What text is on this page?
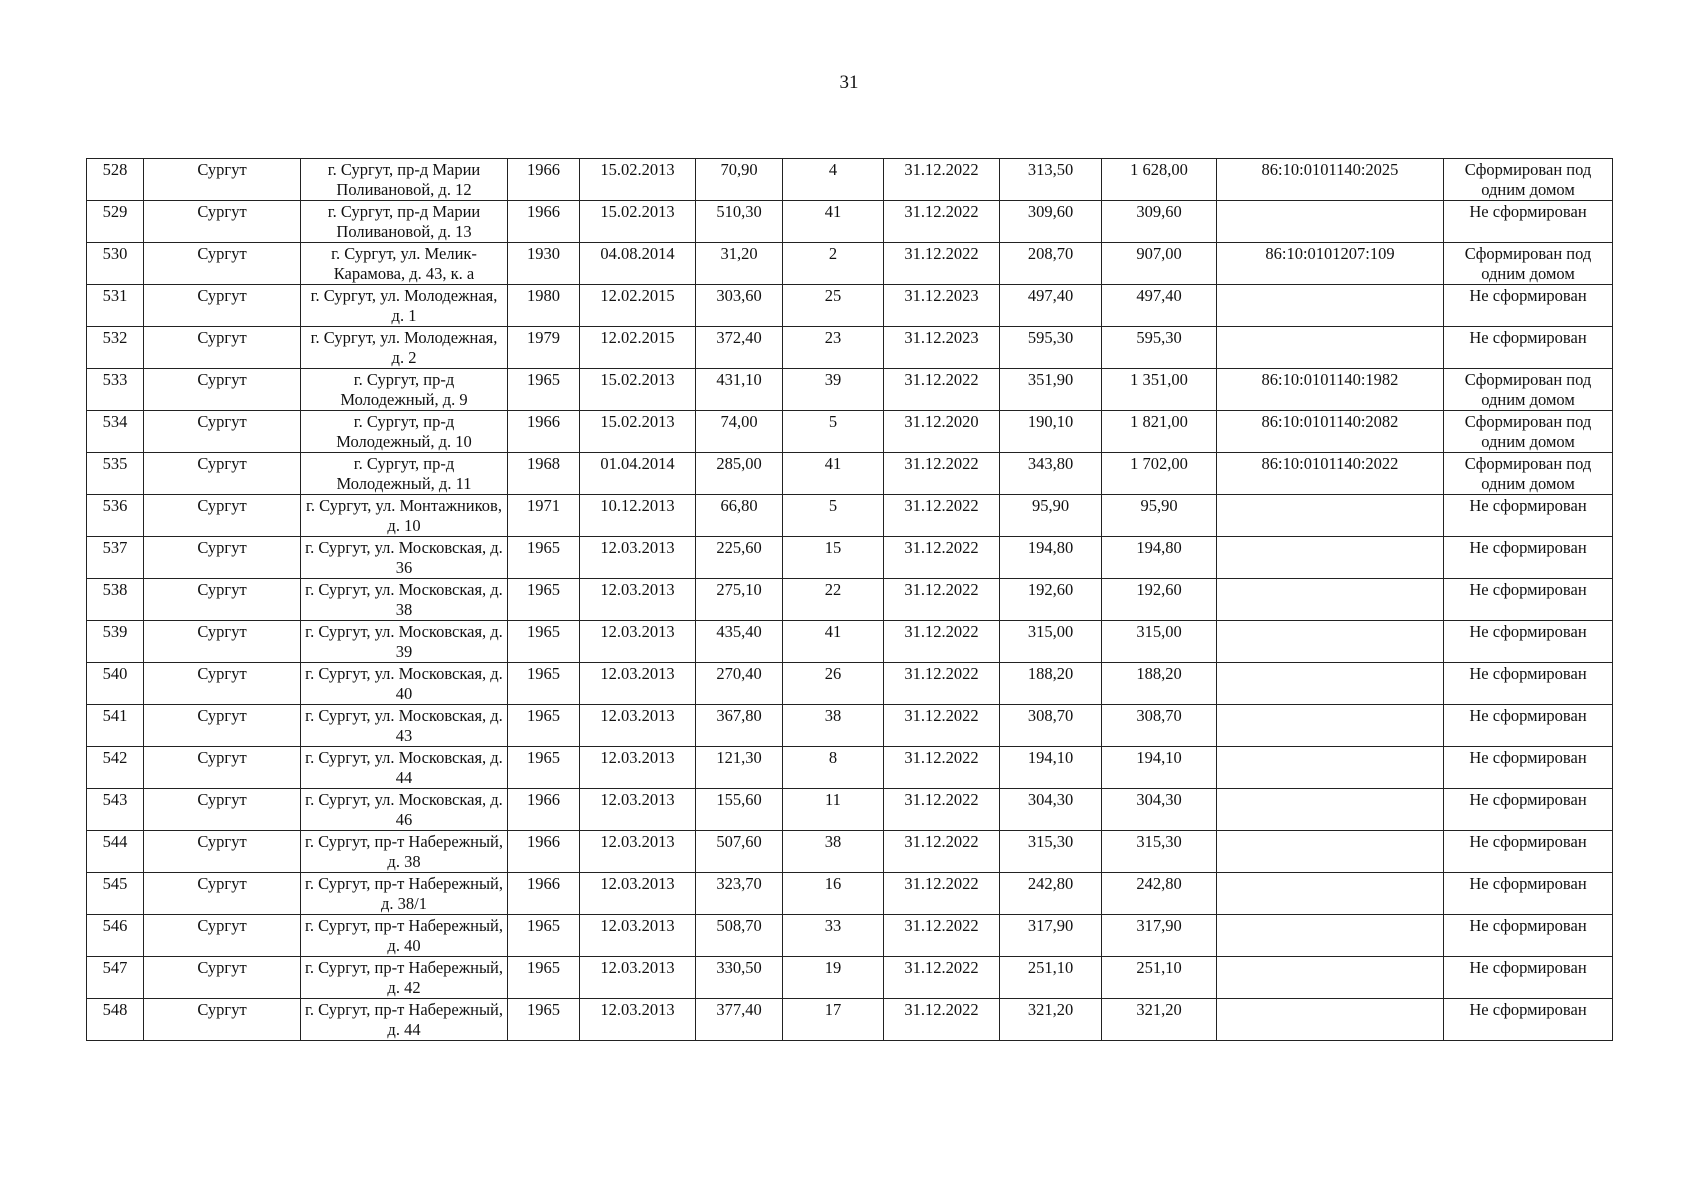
31
528	Сургут	г. Сургут, пр-д Марии Поливановой, д. 12	1966	15.02.2013	70,90	4	31.12.2022	313,50	1 628,00	86:10:0101140:2025	Сформирован под одним домом
529	Сургут	г. Сургут, пр-д Марии Поливановой, д. 13	1966	15.02.2013	510,30	41	31.12.2022	309,60	309,60		Не сформирован
530	Сургут	г. Сургут, ул. Мелик-Карамова, д. 43, к. а	1930	04.08.2014	31,20	2	31.12.2022	208,70	907,00	86:10:0101207:109	Сформирован под одним домом
531	Сургут	г. Сургут, ул. Молодежная, д. 1	1980	12.02.2015	303,60	25	31.12.2023	497,40	497,40		Не сформирован
532	Сургут	г. Сургут, ул. Молодежная, д. 2	1979	12.02.2015	372,40	23	31.12.2023	595,30	595,30		Не сформирован
533	Сургут	г. Сургут, пр-д Молодежный, д. 9	1965	15.02.2013	431,10	39	31.12.2022	351,90	1 351,00	86:10:0101140:1982	Сформирован под одним домом
534	Сургут	г. Сургут, пр-д Молодежный, д. 10	1966	15.02.2013	74,00	5	31.12.2020	190,10	1 821,00	86:10:0101140:2082	Сформирован под одним домом
535	Сургут	г. Сургут, пр-д Молодежный, д. 11	1968	01.04.2014	285,00	41	31.12.2022	343,80	1 702,00	86:10:0101140:2022	Сформирован под одним домом
536	Сургут	г. Сургут, ул. Монтажников, д. 10	1971	10.12.2013	66,80	5	31.12.2022	95,90	95,90		Не сформирован
537	Сургут	г. Сургут, ул. Московская, д. 36	1965	12.03.2013	225,60	15	31.12.2022	194,80	194,80		Не сформирован
538	Сургут	г. Сургут, ул. Московская, д. 38	1965	12.03.2013	275,10	22	31.12.2022	192,60	192,60		Не сформирован
539	Сургут	г. Сургут, ул. Московская, д. 39	1965	12.03.2013	435,40	41	31.12.2022	315,00	315,00		Не сформирован
540	Сургут	г. Сургут, ул. Московская, д. 40	1965	12.03.2013	270,40	26	31.12.2022	188,20	188,20		Не сформирован
541	Сургут	г. Сургут, ул. Московская, д. 43	1965	12.03.2013	367,80	38	31.12.2022	308,70	308,70		Не сформирован
542	Сургут	г. Сургут, ул. Московская, д. 44	1965	12.03.2013	121,30	8	31.12.2022	194,10	194,10		Не сформирован
543	Сургут	г. Сургут, ул. Московская, д. 46	1966	12.03.2013	155,60	11	31.12.2022	304,30	304,30		Не сформирован
544	Сургут	г. Сургут, пр-т Набережный, д. 38	1966	12.03.2013	507,60	38	31.12.2022	315,30	315,30		Не сформирован
545	Сургут	г. Сургут, пр-т Набережный, д. 38/1	1966	12.03.2013	323,70	16	31.12.2022	242,80	242,80		Не сформирован
546	Сургут	г. Сургут, пр-т Набережный, д. 40	1965	12.03.2013	508,70	33	31.12.2022	317,90	317,90		Не сформирован
547	Сургут	г. Сургут, пр-т Набережный, д. 42	1965	12.03.2013	330,50	19	31.12.2022	251,10	251,10		Не сформирован
548	Сургут	г. Сургут, пр-т Набережный, д. 44	1965	12.03.2013	377,40	17	31.12.2022	321,20	321,20		Не сформирован
